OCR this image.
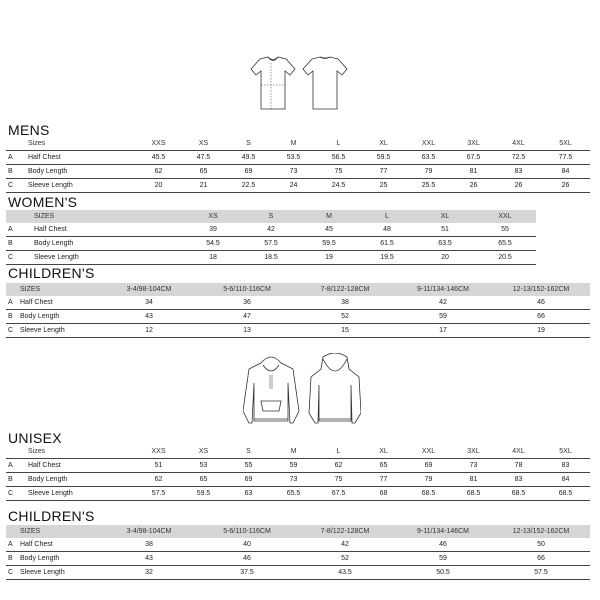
MENS
	Sizes	XXS	XS	S	M	L	XL	XXL	3XL	4XL	5XL
A	Half Chest	45.5	47.5	49.5	53.5	56.5	59.5	63.5	67.5	72.5	77.5
B	Body Length	62	65	69	73	75	77	79	81	83	84
C	Sleeve Length	20	21	22.5	24	24.5	25	25.5	26	26	26
WOMEN'S
	SIZES	XS	S	M	L	XL	XXL
A	Half Chest	39	42	45	48	51	55
B	Body Length	54.5	57.5	59.5	61.5	63.5	65.5
C	Sleeve Length	18	18.5	19	19.5	20	20.5
CHILDREN'S
	SIZES	3-4/98-104CM	5-6/110-116CM	7-8/122-128CM	9-11/134-146CM	12-13/152-162CM
A	Half Chest	34	36	38	42	46
B	Body Length	43	47	52	59	66
C	Sleeve Length	12	13	15	17	19
UNISEX
	Sizes	XXS	XS	S	M	L	XL	XXL	3XL	4XL	5XL
A	Half Chest	51	53	55	59	62	65	69	73	78	83
B	Body Length	62	65	69	73	75	77	79	81	83	84
C	Sleeve Length	57.5	59.5	63	65.5	67.5	68	68.5	68.5	68.5	68.5
CHILDREN'S
	SIZES	3-4/98-104CM	5-6/110-116CM	7-8/122-128CM	9-11/134-146CM	12-13/152-162CM
A	Half Chest	38	40	42	46	50
B	Body Length	43	46	52	59	66
C	Sleeve Length	32	37.5	43.5	50.5	57.5
